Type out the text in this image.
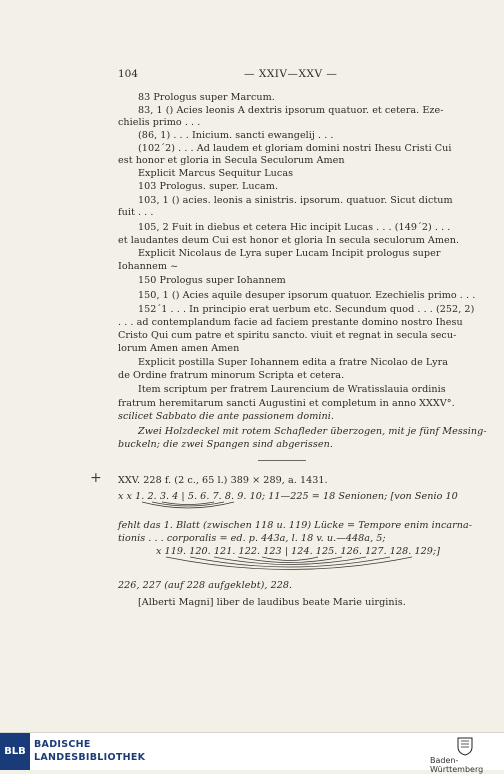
104	— XXIV—XXV —
83 Prologus super Marcum.
83, 1 () Acies leonis A dextris ipsorum quatuor. et cetera. Eze-
chielis primo . . .
(86, 1) . . . Inicium. sancti ewangelij . . .
(102´2) . . . Ad laudem et gloriam domini nostri Ihesu Cristi Cui
est honor et gloria in Secula Seculorum Amen
Explicit Marcus Sequitur Lucas
103 Prologus. super. Lucam.
103, 1 () acies. leonis a sinistris. ipsorum. quatuor. Sicut dictum
fuit . . .
105, 2 Fuit in diebus et cetera Hic incipit Lucas . . . (149´2) . . .
et laudantes deum Cui est honor et gloria In secula seculorum Amen.
Explicit Nicolaus de Lyra super Lucam Incipit prologus super
Iohannem ~
150 Prologus super Iohannem
150, 1 () Acies aquile desuper ipsorum quatuor. Ezechielis primo . . .
152´1 . . . In principio erat uerbum etc. Secundum quod . . . (252, 2)
. . . ad contemplandum facie ad faciem prestante domino nostro Ihesu
Cristo Qui cum patre et spiritu sancto. viuit et regnat in secula secu-
lorum Amen amen Amen
Explicit postilla Super Iohannem edita a fratre Nicolao de Lyra
de Ordine fratrum minorum Scripta et cetera.
Item scriptum per fratrem Laurencium de Wratisslauia ordinis
fratrum heremitarum sancti Augustini et completum in anno XXXV°.
scilicet Sabbato die ante passionem domini.
Zwei Holzdeckel mit rotem Schafleder überzogen, mit je fünf Messing-
buckeln; die zwei Spangen sind abgerissen.
+ XXV. 228 f. (2 c., 65 l.) 389 ⨯ 289, a. 1431.
x x 1. 2. 3. 4 | 5. 6. 7. 8. 9. 10; 11—225 = 18 Senionen; [von Senio 10
fehlt das 1. Blatt (zwischen 118 u. 119) Lücke = Tempore enim incarna-
tionis . . . corporalis = ed. p. 443a, l. 18 v. u.—448a, 5;
x 119. 120. 121. 122. 123 | 124. 125. 126. 127. 128. 129;]
226, 227 (auf 228 aufgeklebt), 228.
[Alberti Magni] liber de laudibus beate Marie uirginis.
BLB
BADISCHE
LANDESBIBLIOTHEK	Baden-Württemberg
